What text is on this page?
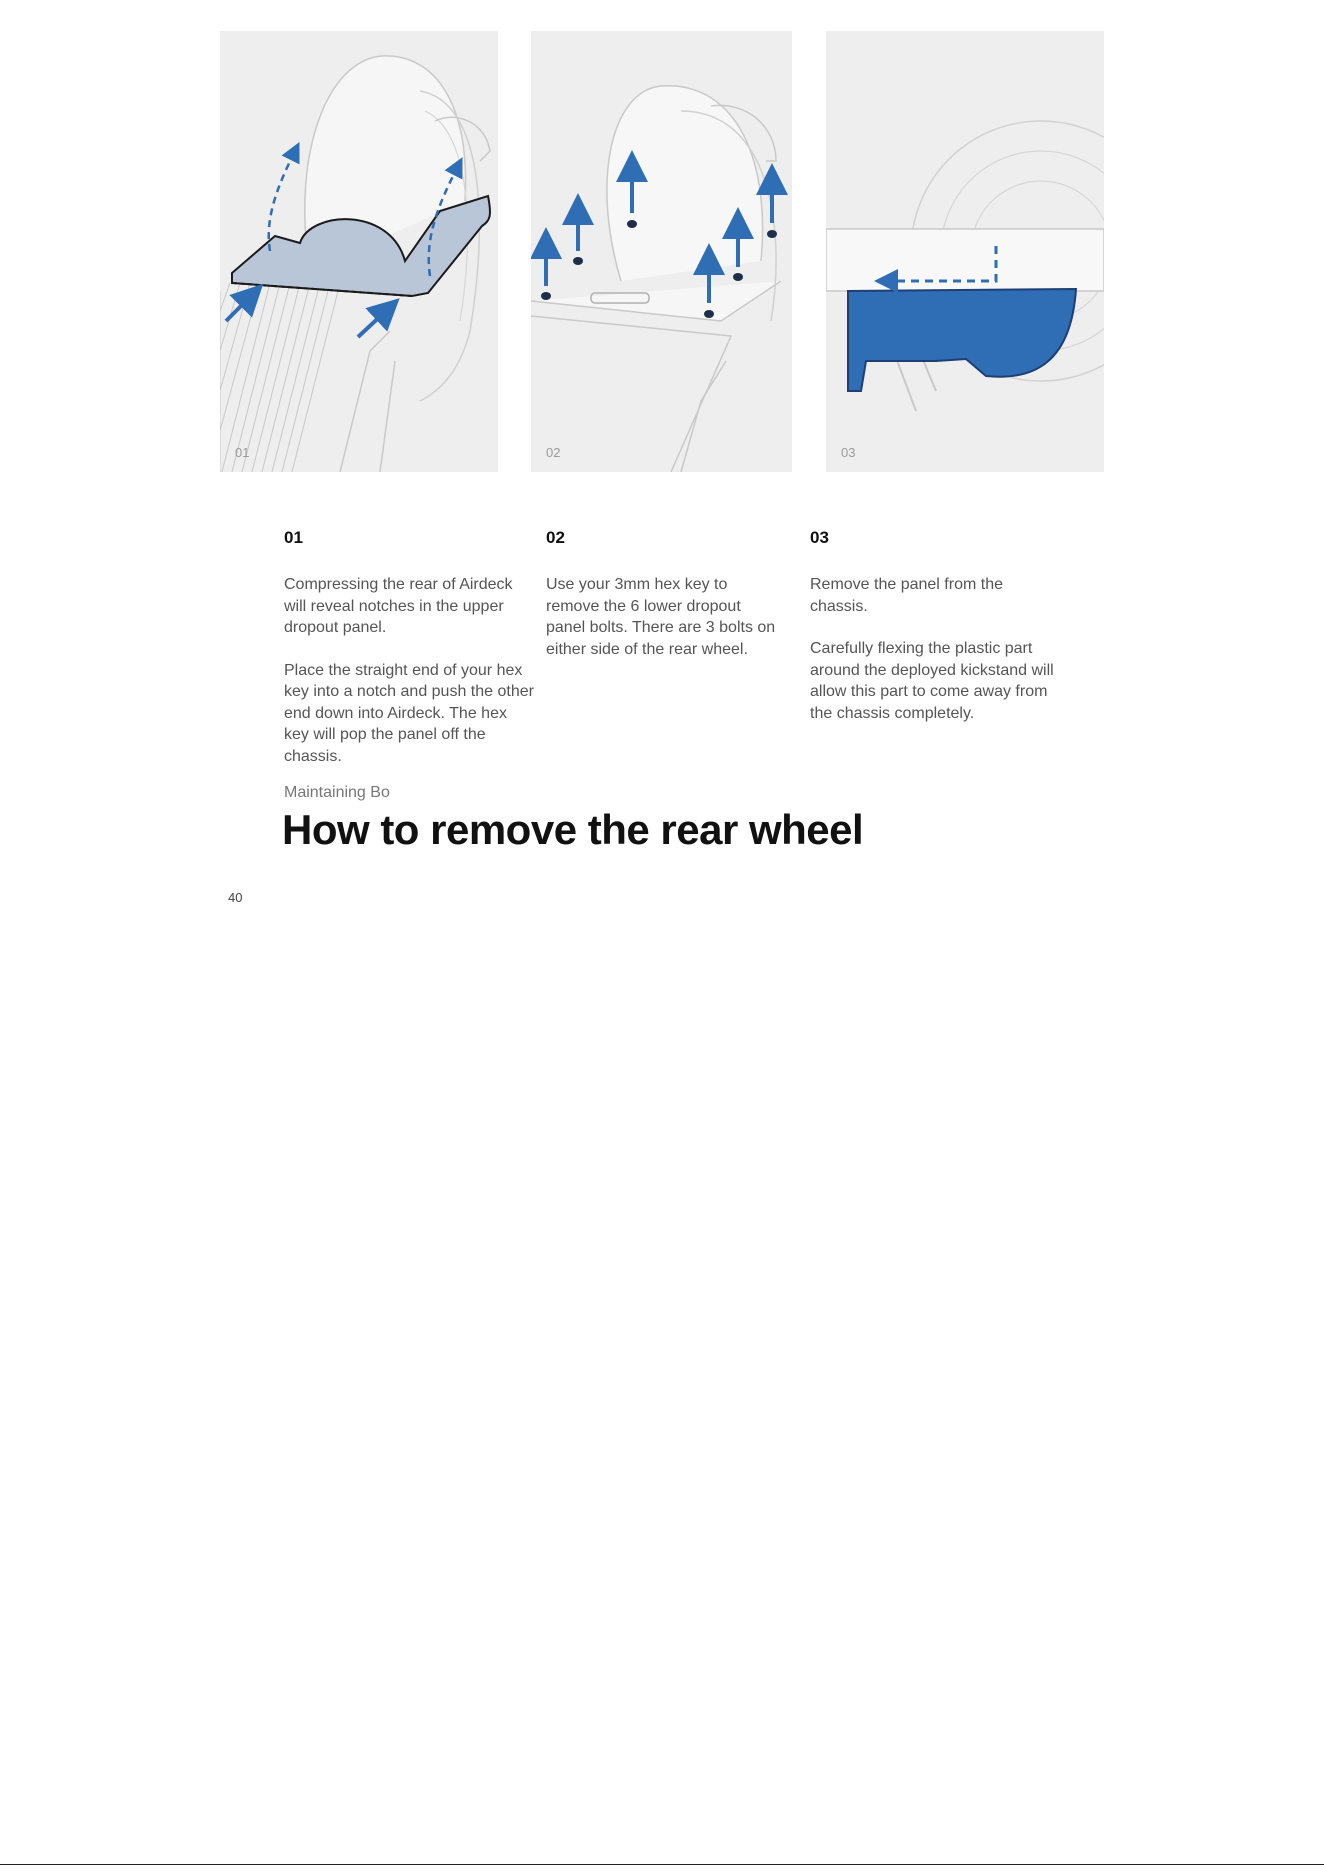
01	02	03
01

Compressing the rear of Airdeck will reveal notches in the upper dropout panel.

Place the straight end of your hex key into a notch and push the other end down into Airdeck. The hex key will pop the panel off the chassis.

02

Use your 3mm hex key to remove the 6 lower dropout panel bolts. There are 3 bolts on either side of the rear wheel.

03

Remove the panel from the chassis.

Carefully flexing the plastic part around the deployed kickstand will allow this part to come away from the chassis completely.

Maintaining Bo
How to remove the rear wheel
40
